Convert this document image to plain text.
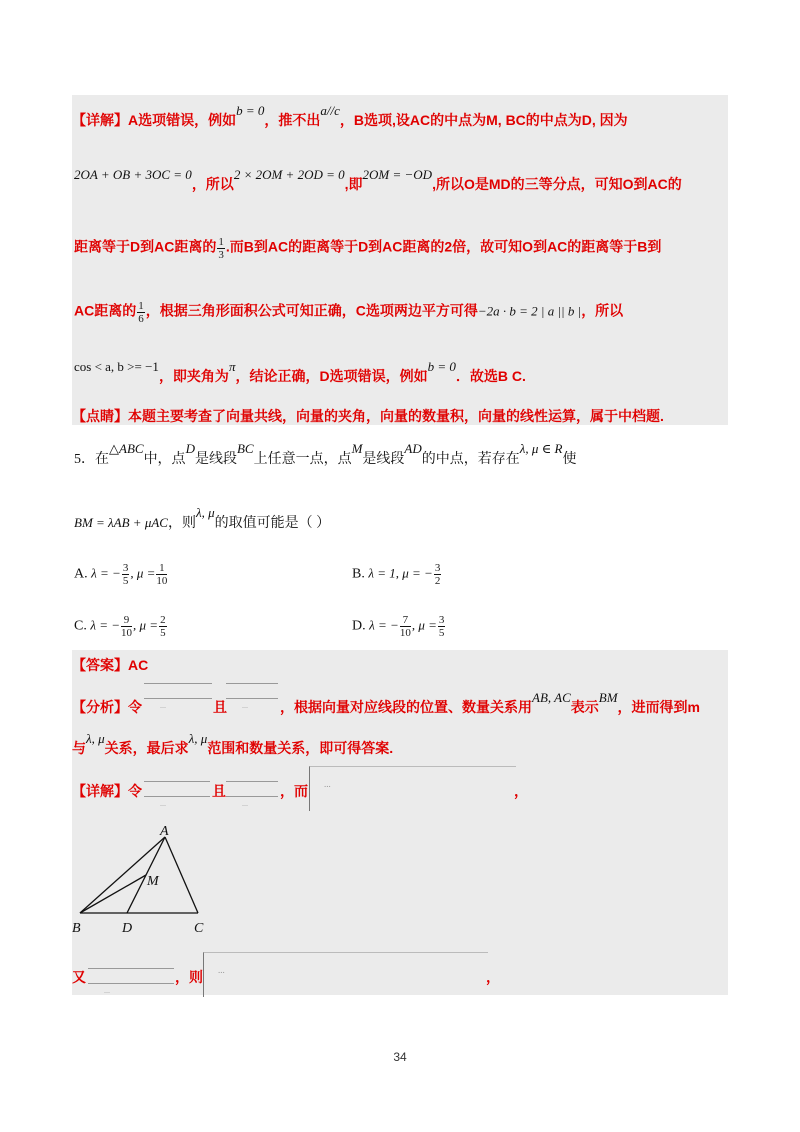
【详解】A选项错误，例如b = 0，推不出a//c，B选项,设AC的中点为M, BC的中点为D, 因为
2OA + OB + 3OC = 0，所以2 × 2OM + 2OD = 0,即2OM = −OD,所以O是MD的三等分点，可知O到AC的
距离等于D到AC距离的 $\frac{1}{3}$ .而B到AC的距离等于D到AC距离的2倍，故可知O到AC的距离等于B到
AC距离的 $\frac{1}{6}$ ，根据三角形面积公式可知正确，C选项两边平方可得−2a · b = 2 | a || b |，所以
cos < a, b >= −1，即夹角为π，结论正确，D选项错误，例如b = 0．故选B C.
【点睛】本题主要考查了向量共线，向量的夹角，向量的数量积，向量的线性运算，属于中档题.
5．在△ABC中，点D是线段BC上任意一点，点M是线段AD的中点，若存在λ, μ ∈ R使
BM = λAB + μAC，则λ, μ的取值可能是（ ）
A. λ = − $\frac{3}{5}$ , $\mu = \frac{1}{10}$	B. λ = 1, μ = − $\frac{3}{2}$
C. λ = − $\frac{9}{10}$ , $\mu = \frac{2}{5}$	D. λ = − $\frac{7}{10}$ , $\mu = \frac{3}{5}$
【答案】AC
【分析】令 ...	且 ... ，根据向量对应线段的位置、数量关系用AB, AC表示BM，进而得到m
与λ, μ关系，最后求λ, μ范围和数量关系，即可得答案.
【详解】令
...
且
...
，而 ...	，
A
M
B	D	C
又
...
，则 ...	，
34
